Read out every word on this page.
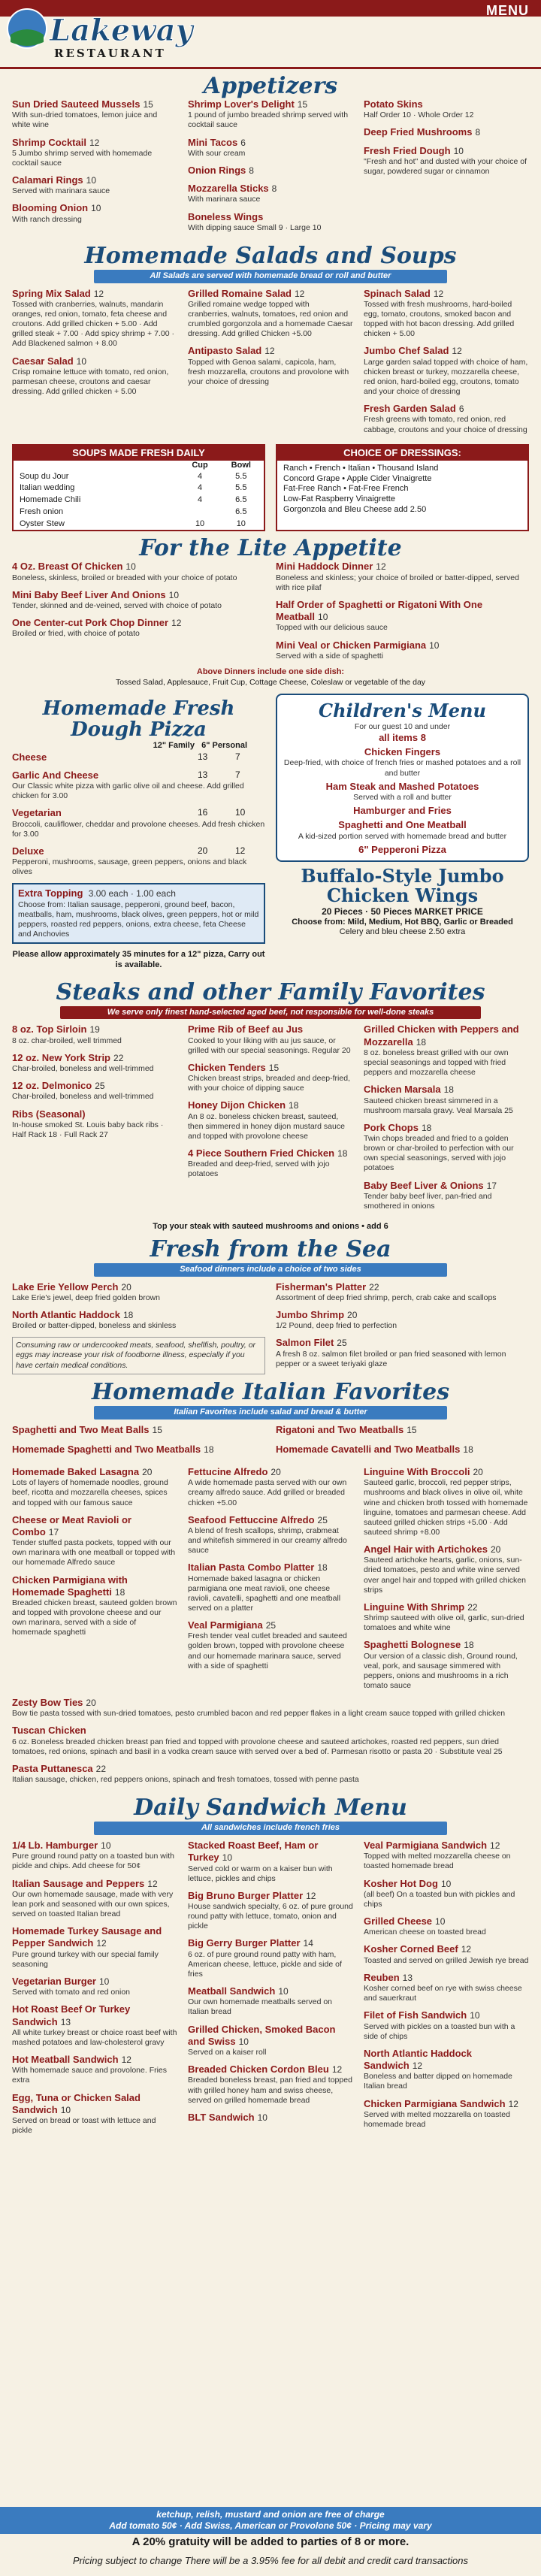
Lakeway
RESTAURANT
MENU
Appetizers
Sun Dried Sauteed Mussels 15
With sun-dried tomatoes, lemon juice and white wine
Shrimp Cocktail 12
5 Jumbo shrimp served with homemade cocktail sauce
Calamari Rings 10
Served with marinara sauce
Blooming Onion 10
With ranch dressing
Shrimp Lover's Delight 15
1 pound of jumbo breaded shrimp served with cocktail sauce
Mini Tacos 6
With sour cream
Onion Rings 8
Mozzarella Sticks 8
With marinara sauce
Boneless Wings
With dipping sauce Small 9 · Large 10
Potato Skins
Half Order 10 · Whole Order 12
Deep Fried Mushrooms 8
Fresh Fried Dough 10
"Fresh and hot" and dusted with your choice of sugar, powdered sugar or cinnamon
Homemade Salads and Soups
All Salads are served with homemade bread or roll and butter
Spring Mix Salad 12
Tossed with cranberries, walnuts, mandarin oranges, red onion, tomato, feta cheese and croutons. Add grilled chicken + 5.00 · Add grilled steak + 7.00 · Add spicy shrimp + 7.00 · Add Blackened salmon + 8.00
Caesar Salad 10
Crisp romaine lettuce with tomato, red onion, parmesan cheese, croutons and caesar dressing. Add grilled chicken + 5.00
Grilled Romaine Salad 12
Grilled romaine wedge topped with cranberries, walnuts, tomatoes, red onion and crumbled gorgonzola and a homemade Caesar dressing. Add grilled Chicken +5.00
Antipasto Salad 12
Topped with Genoa salami, capicola, ham, fresh mozzarella, croutons and provolone with your choice of dressing
Spinach Salad 12
Tossed with fresh mushrooms, hard-boiled egg, tomato, croutons, smoked bacon and topped with hot bacon dressing. Add grilled chicken + 5.00
Jumbo Chef Salad 12
Large garden salad topped with choice of ham, chicken breast or turkey, mozzarella cheese, red onion, hard-boiled egg, croutons, tomato and your choice of dressing
Fresh Garden Salad 6
Fresh greens with tomato, red onion, red cabbage, croutons and your choice of dressing
SOUPS MADE FRESH DAILY
	Cup	Bowl
Soup du Jour	4	5.5
Italian wedding	4	5.5
Homemade Chili	4	6.5
Fresh onion		6.5
Oyster Stew	10	10
CHOICE OF DRESSINGS:
Ranch • French • Italian • Thousand Island
Concord Grape • Apple Cider Vinaigrette
Fat-Free Ranch • Fat-Free French
Low-Fat Raspberry Vinaigrette
Gorgonzola and Bleu Cheese add 2.50
For the Lite Appetite
4 Oz. Breast Of Chicken 10
Boneless, skinless, broiled or breaded with your choice of potato
Mini Baby Beef Liver And Onions 10
Tender, skinned and de-veined, served with choice of potato
One Center-cut Pork Chop Dinner 12
Broiled or fried, with choice of potato
Mini Haddock Dinner 12
Boneless and skinless; your choice of broiled or batter-dipped, served with rice pilaf
Half Order of Spaghetti or Rigatoni With One Meatball 10
Topped with our delicious sauce
Mini Veal or Chicken Parmigiana 10
Served with a side of spaghetti
Above Dinners include one side dish:
Tossed Salad, Applesauce, Fruit Cup, Cottage Cheese, Coleslaw or vegetable of the day
Homemade Fresh Dough Pizza
12" Family 6" Personal
Cheese	13	7
Garlic And Cheese	13	7
Our Classic white pizza with garlic olive oil and cheese. Add grilled chicken for 3.00
Vegetarian	16	10
Broccoli, cauliflower, cheddar and provolone cheeses. Add fresh chicken for 3.00
Deluxe	20	12
Pepperoni, mushrooms, sausage, green peppers, onions and black olives
Extra Topping 3.00 each · 1.00 each
Choose from: Italian sausage, pepperoni, ground beef, bacon, meatballs, ham, mushrooms, black olives, green peppers, hot or mild peppers, roasted red peppers, onions, extra cheese, feta Cheese and Anchovies
Please allow approximately 35 minutes for a 12" pizza, Carry out is available.
Children's Menu
For our guest 10 and under
all items 8
Chicken Fingers
Deep-fried, with choice of french fries or mashed potatoes and a roll and butter
Ham Steak and Mashed Potatoes
Served with a roll and butter
Hamburger and Fries
Spaghetti and One Meatball
A kid-sized portion served with homemade bread and butter
6" Pepperoni Pizza
Buffalo-Style Jumbo Chicken Wings
20 Pieces · 50 Pieces MARKET PRICE
Choose from: Mild, Medium, Hot BBQ, Garlic or Breaded
Celery and bleu cheese 2.50 extra
Steaks and other Family Favorites
We serve only finest hand-selected aged beef, not responsible for well-done steaks
8 oz. Top Sirloin 19
8 oz. char-broiled, well trimmed
12 oz. New York Strip 22
Char-broiled, boneless and well-trimmed
12 oz. Delmonico 25
Char-broiled, boneless and well-trimmed
Ribs (Seasonal)
In-house smoked St. Louis baby back ribs · Half Rack 18 · Full Rack 27
Prime Rib of Beef au Jus
Cooked to your liking with au jus sauce, or grilled with our special seasonings. Regular 20
Chicken Tenders 15
Chicken breast strips, breaded and deep-fried, with your choice of dipping sauce
Honey Dijon Chicken 18
An 8 oz. boneless chicken breast, sauteed, then simmered in honey dijon mustard sauce and topped with provolone cheese
4 Piece Southern Fried Chicken 18
Breaded and deep-fried, served with jojo potatoes
Grilled Chicken with Peppers and Mozzarella 18
8 oz. boneless breast grilled with our own special seasonings and topped with fried peppers and mozzarella cheese
Chicken Marsala 18
Sauteed chicken breast simmered in a mushroom marsala gravy. Veal Marsala 25
Pork Chops 18
Twin chops breaded and fried to a golden brown or char-broiled to perfection with our own special seasonings, served with jojo potatoes
Baby Beef Liver & Onions 17
Tender baby beef liver, pan-fried and smothered in onions
Top your steak with sauteed mushrooms and onions • add 6
Fresh from the Sea
Seafood dinners include a choice of two sides
Lake Erie Yellow Perch 20
Lake Erie's jewel, deep fried golden brown
North Atlantic Haddock 18
Broiled or batter-dipped, boneless and skinless
Consuming raw or undercooked meats, seafood, shellfish, poultry, or eggs may increase your risk of foodborne illness, especially if you have certain medical conditions.
Fisherman's Platter 22
Assortment of deep fried shrimp, perch, crab cake and scallops
Jumbo Shrimp 20
1/2 Pound, deep fried to perfection
Salmon Filet 25
A fresh 8 oz. salmon filet broiled or pan fried seasoned with lemon pepper or a sweet teriyaki glaze
Homemade Italian Favorites
Italian Favorites include salad and bread & butter
Spaghetti and Two Meat Balls 15	Rigatoni and Two Meatballs 15
Homemade Spaghetti and Two Meatballs 18	Homemade Cavatelli and Two Meatballs 18
Homemade Baked Lasagna 20
Lots of layers of homemade noodles, ground beef, ricotta and mozzarella cheeses, spices and topped with our famous sauce
Cheese or Meat Ravioli or Combo 17
Tender stuffed pasta pockets, topped with our own marinara with one meatball or topped with our homemade Alfredo sauce
Chicken Parmigiana with Homemade Spaghetti 18
Breaded chicken breast, sauteed golden brown and topped with provolone cheese and our own marinara, served with a side of homemade spaghetti
Fettucine Alfredo 20
A wide homemade pasta served with our own creamy alfredo sauce. Add grilled or breaded chicken +5.00
Seafood Fettuccine Alfredo 25
A blend of fresh scallops, shrimp, crabmeat and whitefish simmered in our creamy alfredo sauce
Italian Pasta Combo Platter 18
Homemade baked lasagna or chicken parmigiana one meat ravioli, one cheese ravioli, cavatelli, spaghetti and one meatball served on a platter
Veal Parmigiana 25
Fresh tender veal cutlet breaded and sauteed golden brown, topped with provolone cheese and our homemade marinara sauce, served with a side of spaghetti
Linguine With Broccoli 20
Sauteed garlic, broccoli, red pepper strips, mushrooms and black olives in olive oil, white wine and chicken broth tossed with homemade linguine, tomatoes and parmesan cheese. Add sauteed grilled chicken strips +5.00 · Add sauteed shrimp +8.00
Angel Hair with Artichokes 20
Sauteed artichoke hearts, garlic, onions, sun-dried tomatoes, pesto and white wine served over angel hair and topped with grilled chicken strips
Linguine With Shrimp 22
Shrimp sauteed with olive oil, garlic, sun-dried tomatoes and white wine
Spaghetti Bolognese 18
Our version of a classic dish, Ground round, veal, pork, and sausage simmered with peppers, onions and mushrooms in a rich tomato sauce
Zesty Bow Ties 20
Bow tie pasta tossed with sun-dried tomatoes, pesto crumbled bacon and red pepper flakes in a light cream sauce topped with grilled chicken
Tuscan Chicken
6 oz. Boneless breaded chicken breast pan fried and topped with provolone cheese and sauteed artichokes, roasted red peppers, sun dried tomatoes, red onions, spinach and basil in a vodka cream sauce with served over a bed of. Parmesan risotto or pasta 20 · Substitute veal 25
Pasta Puttanesca 22
Italian sausage, chicken, red peppers onions, spinach and fresh tomatoes, tossed with penne pasta
Daily Sandwich Menu
All sandwiches include french fries
1/4 Lb. Hamburger 10
Pure ground round patty on a toasted bun with pickle and chips. Add cheese for 50¢
Italian Sausage and Peppers 12
Our own homemade sausage, made with very lean pork and seasoned with our own spices, served on toasted Italian bread
Homemade Turkey Sausage and Pepper Sandwich 12
Pure ground turkey with our special family seasoning
Vegetarian Burger 10
Served with tomato and red onion
Hot Roast Beef Or Turkey Sandwich 13
All white turkey breast or choice roast beef with mashed potatoes and law-cholesterol gravy
Hot Meatball Sandwich 12
With homemade sauce and provolone. Fries extra
Egg, Tuna or Chicken Salad Sandwich 10
Served on bread or toast with lettuce and pickle
Stacked Roast Beef, Ham or Turkey 10
Served cold or warm on a kaiser bun with lettuce, pickles and chips
Big Bruno Burger Platter 12
House sandwich specialty, 6 oz. of pure ground round patty with lettuce, tomato, onion and pickle
Big Gerry Burger Platter 14
6 oz. of pure ground round patty with ham, American cheese, lettuce, pickle and side of fries
Meatball Sandwich 10
Our own homemade meatballs served on Italian bread
Grilled Chicken, Smoked Bacon and Swiss 10
Served on a kaiser roll
Breaded Chicken Cordon Bleu 12
Breaded boneless breast, pan fried and topped with grilled honey ham and swiss cheese, served on grilled homemade bread
BLT Sandwich 10
Veal Parmigiana Sandwich 12
Topped with melted mozzarella cheese on toasted homemade bread
Kosher Hot Dog 10
(all beef) On a toasted bun with pickles and chips
Grilled Cheese 10
American cheese on toasted bread
Kosher Corned Beef 12
Toasted and served on grilled Jewish rye bread
Reuben 13
Kosher corned beef on rye with swiss cheese and sauerkraut
Filet of Fish Sandwich 10
Served with pickles on a toasted bun with a side of chips
North Atlantic Haddock Sandwich 12
Boneless and batter dipped on homemade Italian bread
Chicken Parmigiana Sandwich 12
Served with melted mozzarella on toasted homemade bread
ketchup, relish, mustard and onion are free of charge
Add tomato 50¢ · Add Swiss, American or Provolone 50¢ · Pricing may vary
A 20% gratuity will be added to parties of 8 or more.
Pricing subject to change There will be a 3.95% fee for all debit and credit card transactions
